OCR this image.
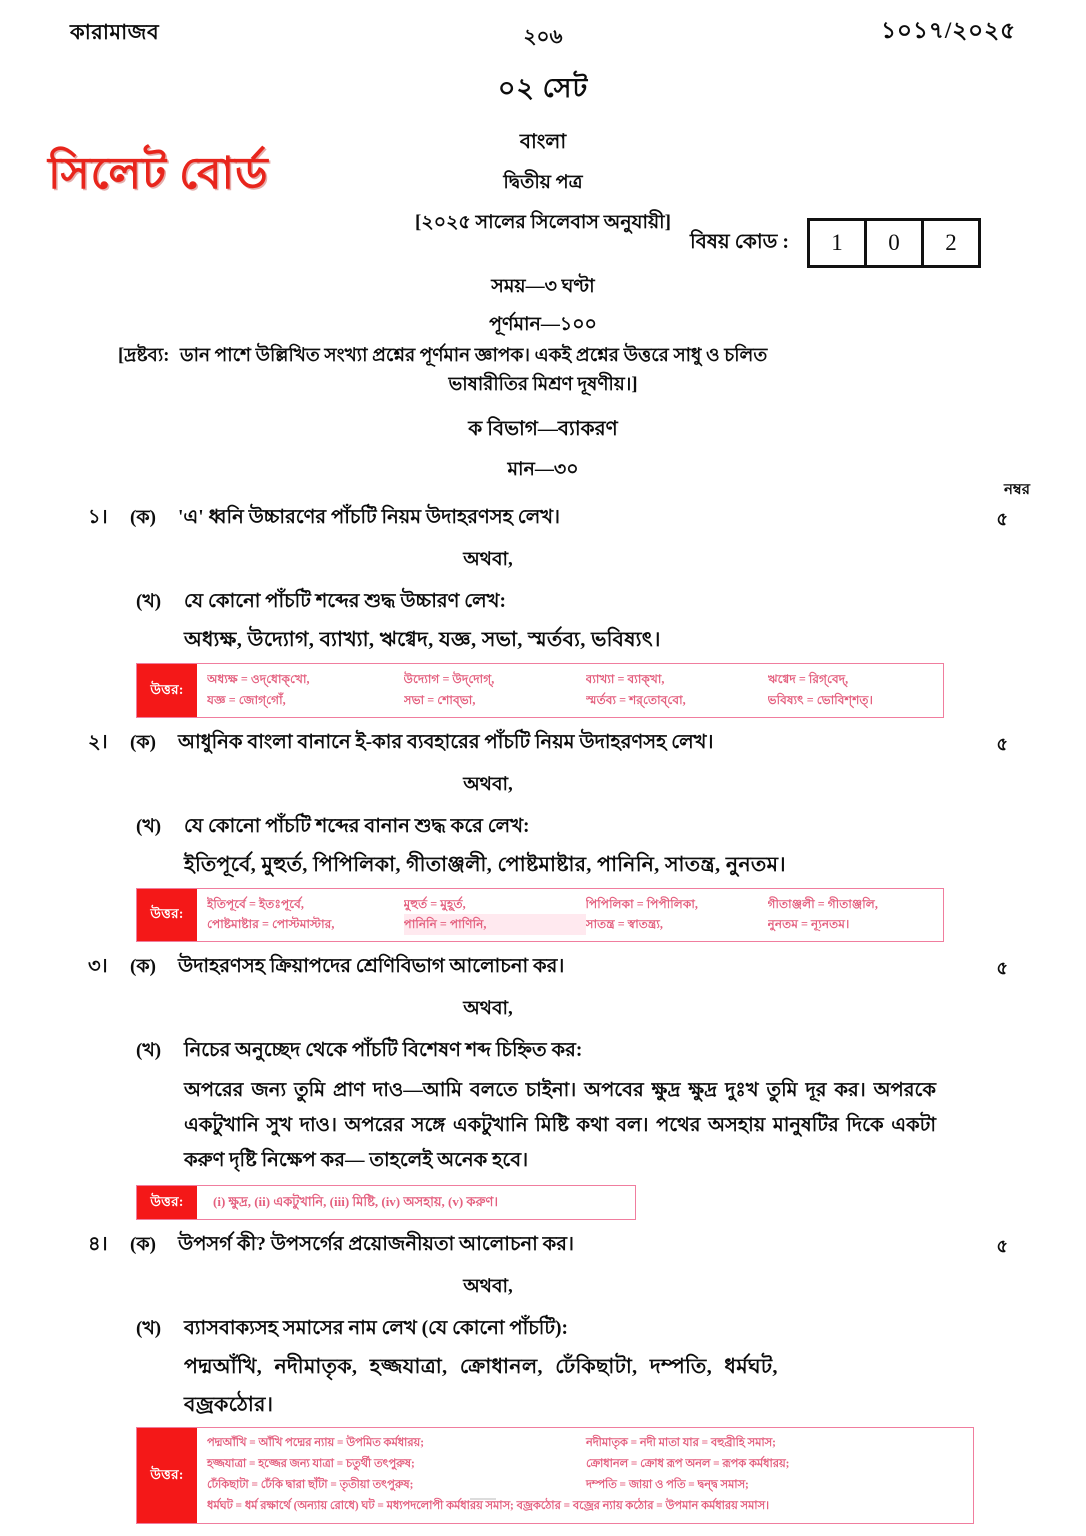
কারামাজব	২০৬	১০১৭/২০২৫
সিলেট বোর্ড
০২ সেট
বাংলা
দ্বিতীয় পত্র
[২০২৫ সালের সিলেবাস অনুযায়ী]
বিষয় কোড :	1	0	2
সময়—৩ ঘণ্টা
পূর্ণমান—১০০
[দ্রষ্টব্য: ডান পাশে উল্লিখিত সংখ্যা প্রশ্নের পূর্ণমান জ্ঞাপক। একই প্রশ্নের উত্তরে সাধু ও চলিত
ভাষারীতির মিশ্রণ দূষণীয়।]
ক বিভাগ—ব্যাকরণ
মান—৩০
নম্বর
১।	(ক)	'এ' ধ্বনি উচ্চারণের পাঁচটি নিয়ম উদাহরণসহ লেখ।	৫
অথবা,
(খ)	যে কোনো পাঁচটি শব্দের শুদ্ধ উচ্চারণ লেখ:
অধ্যক্ষ, উদ্যোগ, ব্যাখ্যা, ঋগ্বেদ, যজ্ঞ, সভা, স্মর্তব্য, ভবিষ্যৎ।
উত্তর:
অধ্যক্ষ = ওদ্‌ধোক্‌খো,	উদ্যোগ = উদ্‌দোগ্‌,	ব্যাখ্যা = ব্যাক্‌খা,	ঋগ্বেদ = রিগ্‌বেদ্‌,
যজ্ঞ = জোগ্‌গোঁ,	সভা = শোব্‌ভা,	স্মর্তব্য = শর্‌তোব্‌বো,	ভবিষ্যৎ = ভোবিশ্‌শত্‌।
২।	(ক)	আধুনিক বাংলা বানানে ই-কার ব্যবহারের পাঁচটি নিয়ম উদাহরণসহ লেখ।	৫
অথবা,
(খ)	যে কোনো পাঁচটি শব্দের বানান শুদ্ধ করে লেখ:
ইতিপূর্বে, মুহুর্ত, পিপিলিকা, গীতাঞ্জলী, পোষ্টমাষ্টার, পানিনি, সাতন্ত্র, নুনতম।
উত্তর:
ইতিপূর্বে = ইতঃপূর্বে,	মুহুর্ত = মুহূর্ত,	পিপিলিকা = পিপীলিকা,	গীতাঞ্জলী = গীতাঞ্জলি,
পোষ্টমাষ্টার = পোস্টমাস্টার,	পানিনি = পাণিনি,	সাতন্ত্র = স্বাতন্ত্র্য,	নুনতম = ন্যূনতম।
৩।	(ক)	উদাহরণসহ ক্রিয়াপদের শ্রেণিবিভাগ আলোচনা কর।	৫
অথবা,
(খ)	নিচের অনুচ্ছেদ থেকে পাঁচটি বিশেষণ শব্দ চিহ্নিত কর:
অপরের জন্য তুমি প্রাণ দাও—আমি বলতে চাইনা। অপবের ক্ষুদ্র ক্ষুদ্র দুঃখ তুমি দূর কর। অপরকে একটুখানি সুখ দাও। অপরের সঙ্গে একটুখানি মিষ্টি কথা বল। পথের অসহায় মানুষটির দিকে একটা করুণ দৃষ্টি নিক্ষেপ কর— তাহলেই অনেক হবে।
উত্তর:	(i) ক্ষুদ্র, (ii) একটুখানি, (iii) মিষ্টি, (iv) অসহায়, (v) করুণ।
৪।	(ক)	উপসর্গ কী? উপসর্গের প্রয়োজনীয়তা আলোচনা কর।	৫
অথবা,
(খ)	ব্যাসবাক্যসহ সমাসের নাম লেখ (যে কোনো পাঁচটি):
পদ্মআঁখি, নদীমাতৃক, হজ্জযাত্রা, ক্রোধানল, ঢেঁকিছাটা, দম্পতি, ধর্মঘট,
বজ্রকঠোর।
উত্তর:
পদ্মআঁখি = আঁখি পদ্মের ন্যায় = উপমিত কর্মধারয়;	নদীমাতৃক = নদী মাতা যার = বহুব্রীহি সমাস;
হজ্জযাত্রা = হজ্জের জন্য যাত্রা = চতুর্থী তৎপুরুষ;	ক্রোধানল = ক্রোধ রূপ অনল = রূপক কর্মধারয়;
ঢেঁকিছাটা = ঢেঁকি দ্বারা ছাঁটা = তৃতীয়া তৎপুরুষ;	দম্পতি = জায়া ও পতি = দ্বন্দ্ব সমাস;
ধর্মঘট = ধর্ম রক্ষার্থে (অন্যায় রোধে) ঘট = মধ্যপদলোপী কর্মধারয় সমাস; বজ্রকঠোর = বজ্রের ন্যায় কঠোর = উপমান কর্মধারয় সমাস।
